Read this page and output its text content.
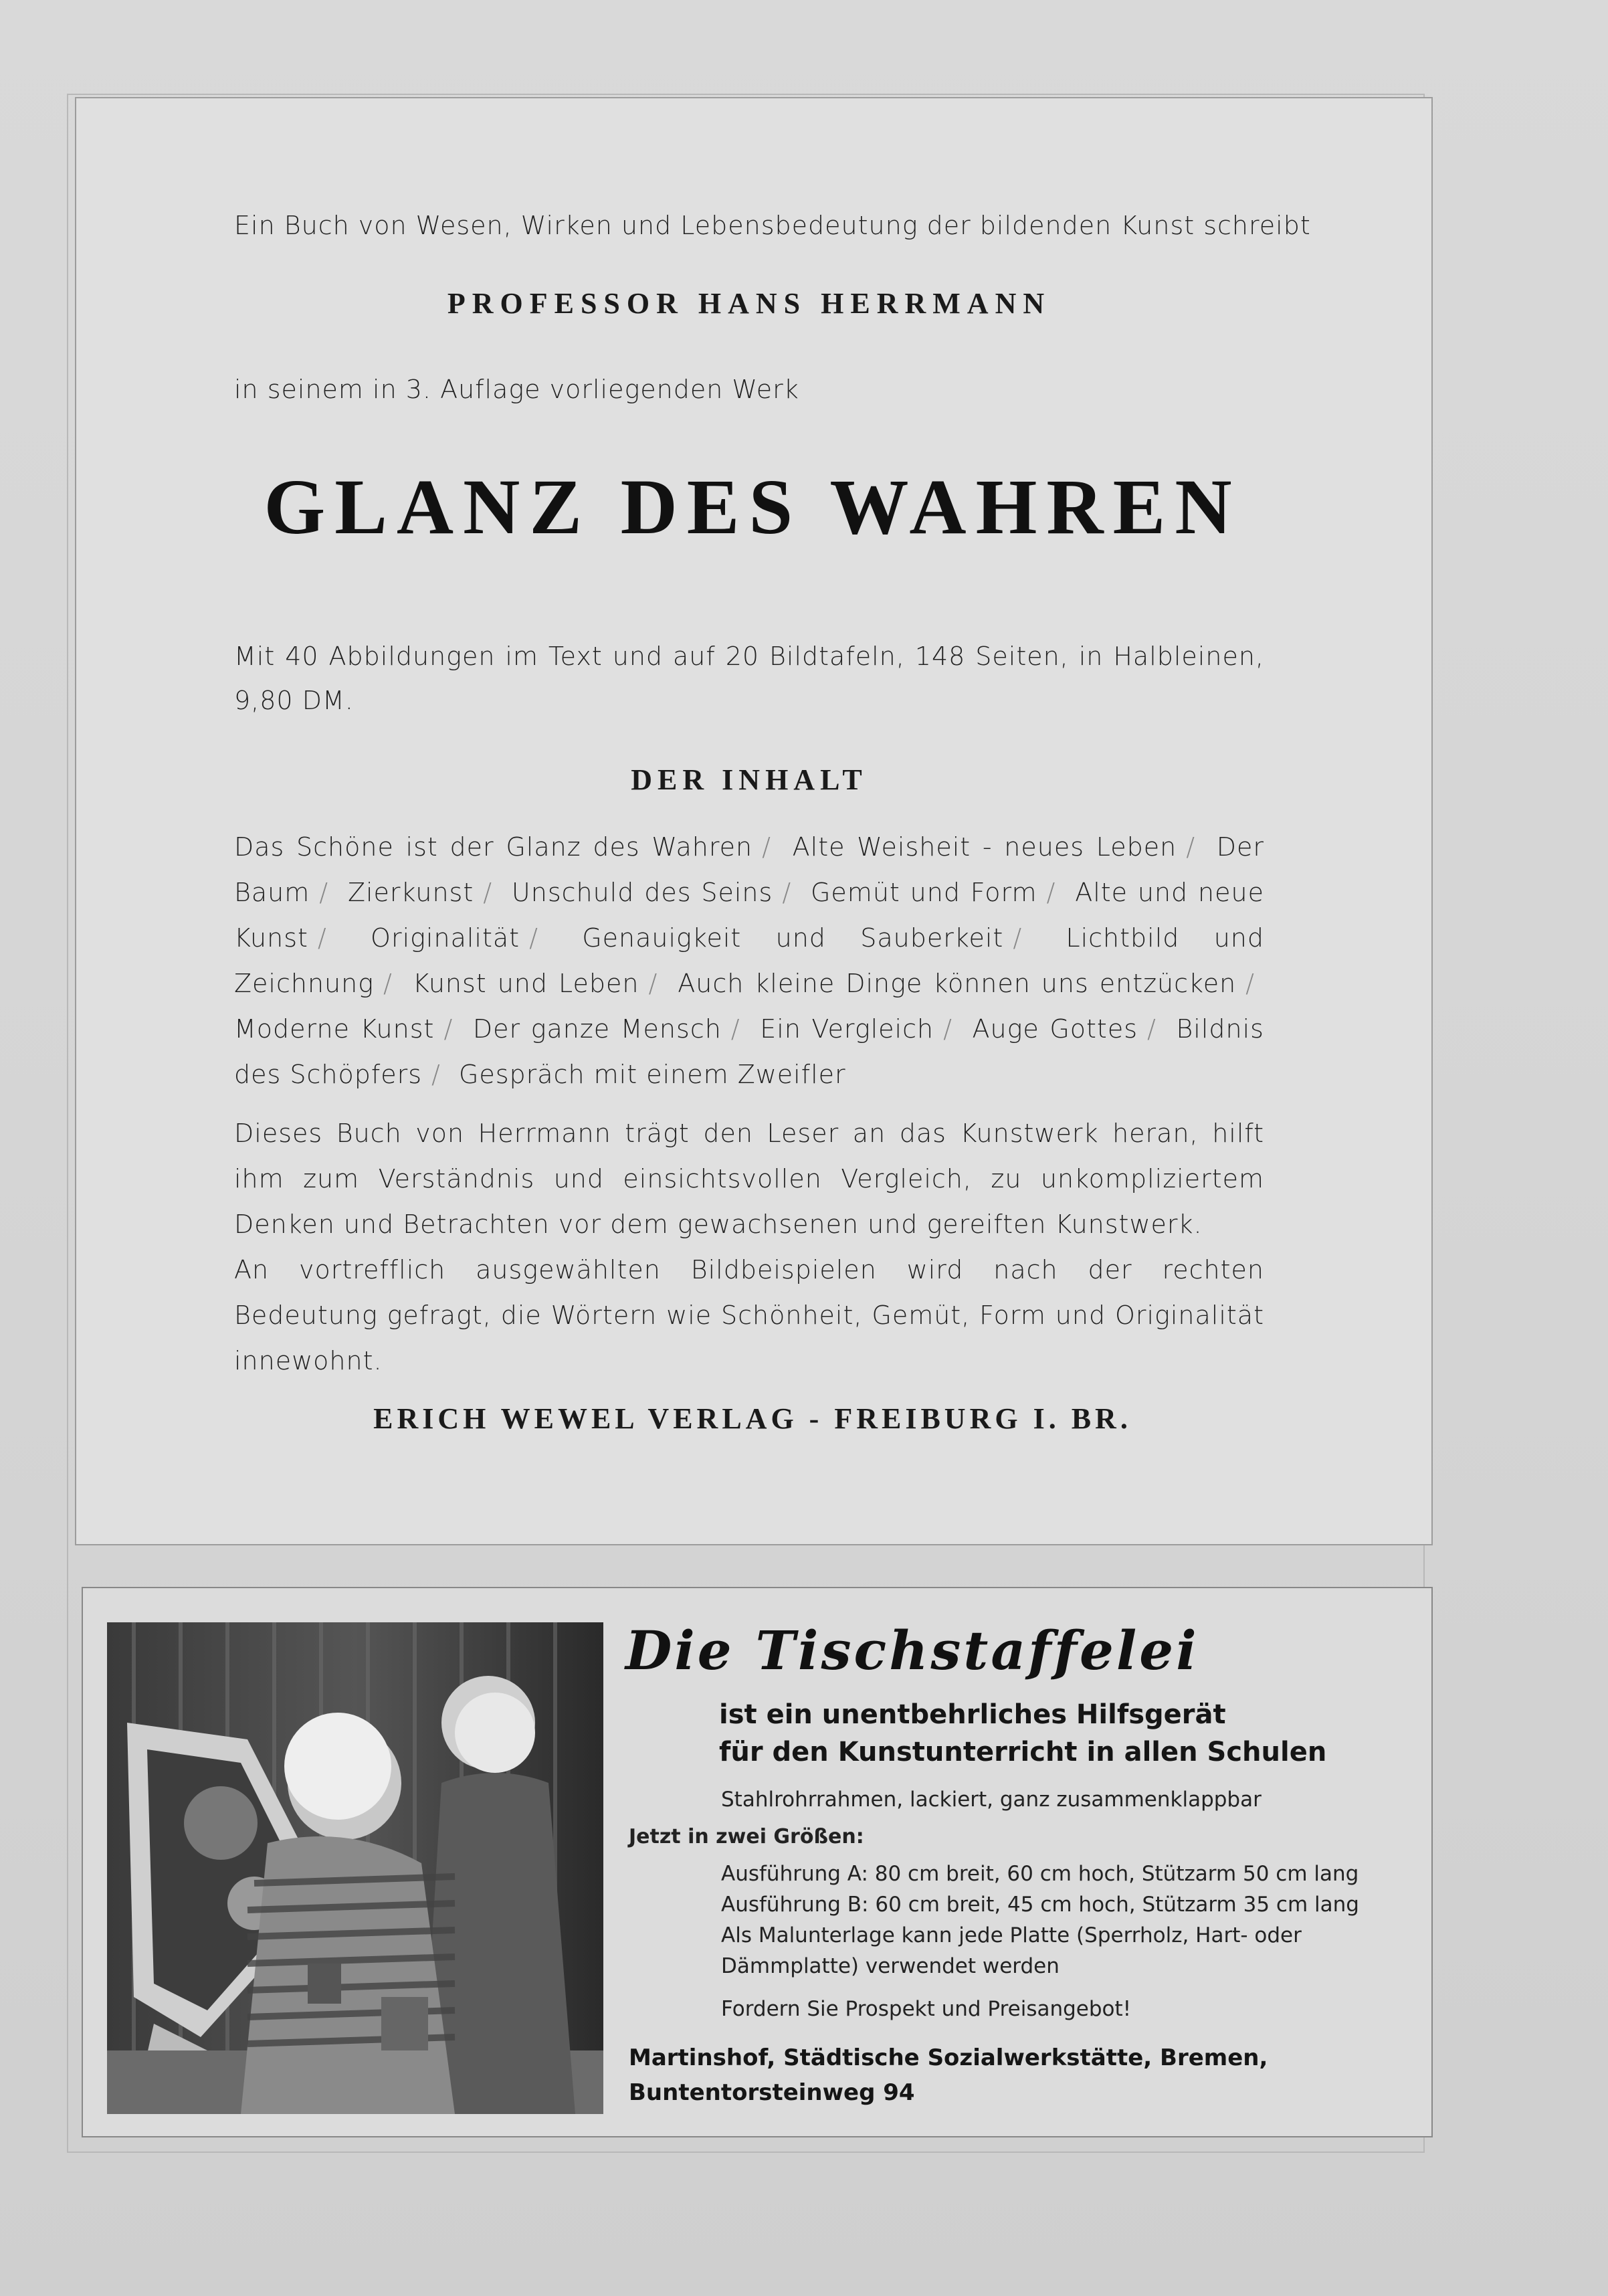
Ein Buch von Wesen, Wirken und Lebensbedeutung der bildenden Kunst schreibt
PROFESSOR HANS HERRMANN
in seinem in 3. Auflage vorliegenden Werk
GLANZ DES WAHREN
Mit 40 Abbildungen im Text und auf 20 Bildtafeln, 148 Seiten, in Halbleinen, 9,80 DM.
DER INHALT
Das Schöne ist der Glanz des Wahren / Alte Weisheit - neues Leben / Der Baum / Zierkunst / Unschuld des Seins / Gemüt und Form / Alte und neue Kunst / Originalität / Genauigkeit und Sauberkeit / Lichtbild und Zeichnung / Kunst und Leben / Auch kleine Dinge können uns entzücken / Moderne Kunst / Der ganze Mensch / Ein Vergleich / Auge Gottes / Bildnis des Schöpfers / Gespräch mit einem Zweifler

Dieses Buch von Herrmann trägt den Leser an das Kunstwerk heran, hilft ihm zum Verständnis und einsichtsvollen Vergleich, zu unkompliziertem Denken und Betrachten vor dem gewachsenen und gereiften Kunstwerk.

An vortrefflich ausgewählten Bildbeispielen wird nach der rechten Bedeutung gefragt, die Wörtern wie Schönheit, Gemüt, Form und Originalität innewohnt.

ERICH WEWEL VERLAG - FREIBURG I. BR.
Die Tischstaffelei
ist ein unentbehrliches Hilfsgerät
für den Kunstunterricht in allen Schulen
Stahlrohrrahmen, lackiert, ganz zusammenklappbar
Jetzt in zwei Größen:
Ausführung A: 80 cm breit, 60 cm hoch, Stützarm 50 cm lang
Ausführung B: 60 cm breit, 45 cm hoch, Stützarm 35 cm lang
Als Malunterlage kann jede Platte (Sperrholz, Hart- oder
Dämmplatte) verwendet werden
Fordern Sie Prospekt und Preisangebot!
Martinshof, Städtische Sozialwerkstätte, Bremen,
Buntentorsteinweg 94
